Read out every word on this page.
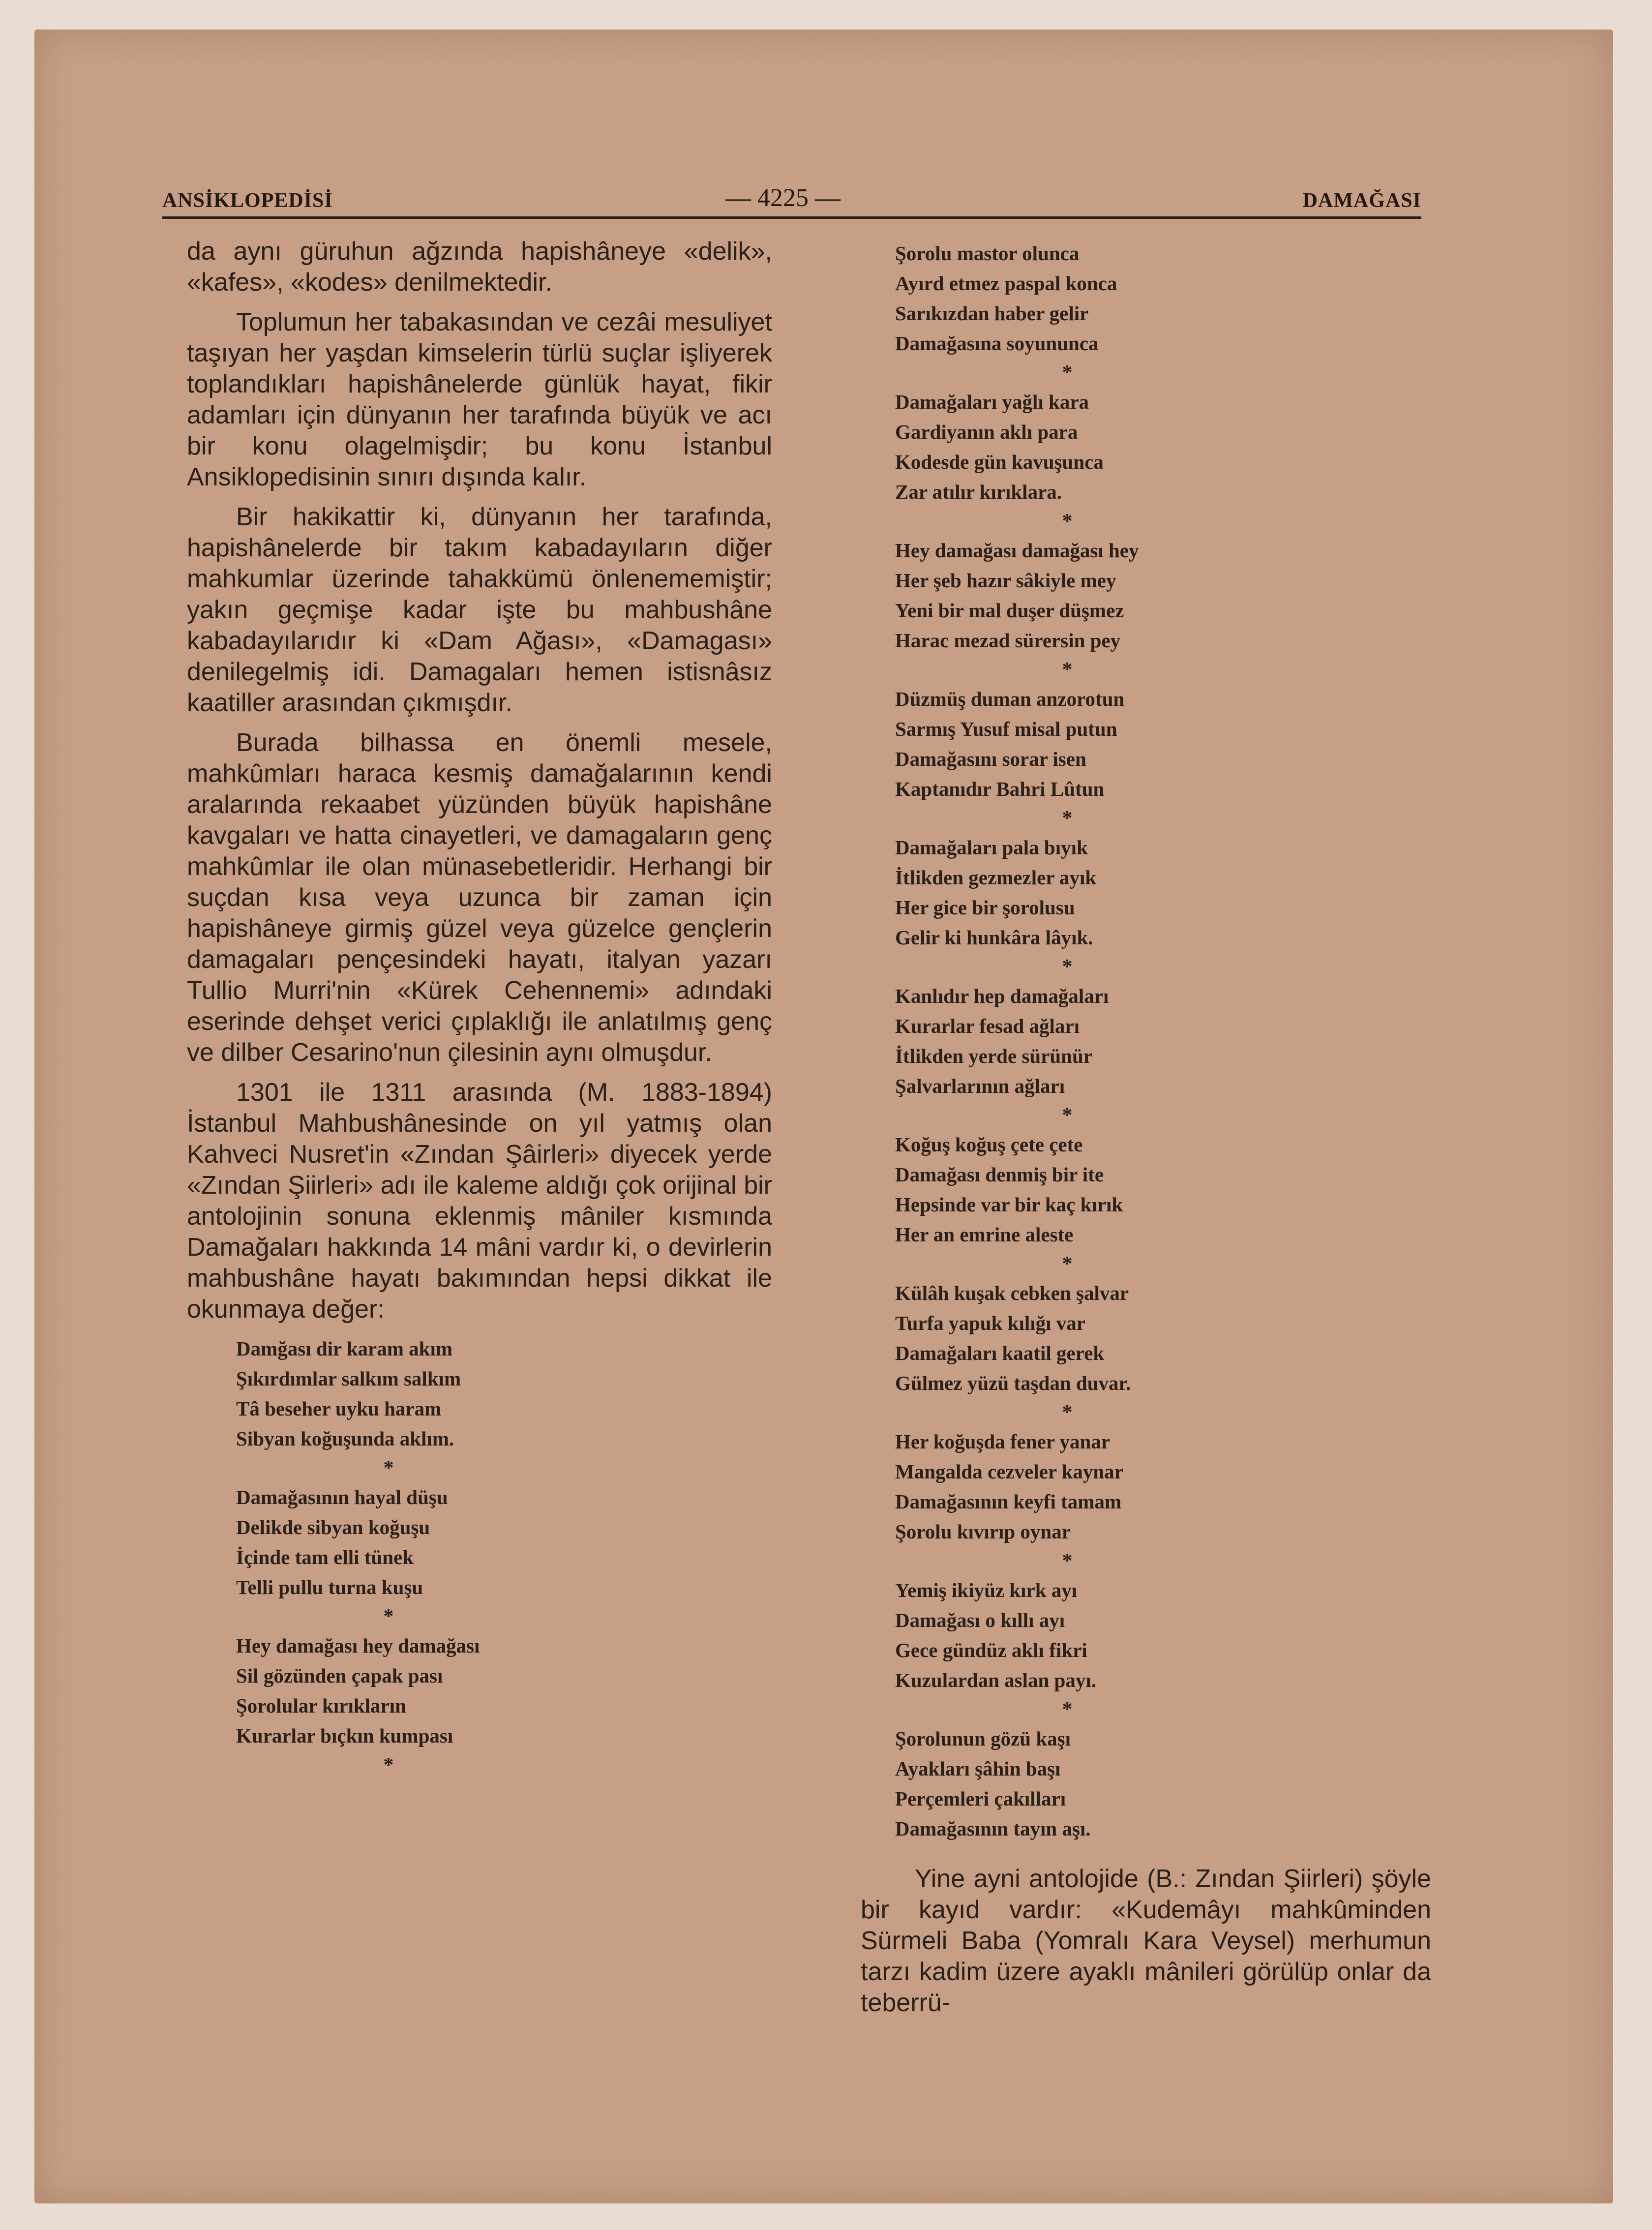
ANSİKLOPEDİSİ	— 4225 —	DAMAĞASI

da aynı güruhun ağzında hapishâneye «delik», «kafes», «kodes» denilmektedir.

Toplumun her tabakasından ve cezâi mesuliyet taşıyan her yaşdan kimselerin türlü suçlar işliyerek toplandıkları hapishânelerde günlük hayat, fikir adamları için dünyanın her tarafında büyük ve acı bir konu olagelmişdir; bu konu İstanbul Ansiklopedisinin sınırı dışında kalır.

Bir hakikattir ki, dünyanın her tarafında, hapishânelerde bir takım kabadayıların diğer mahkumlar üzerinde tahakkümü önlenememiştir; yakın geçmişe kadar işte bu mahbushâne kabadayılarıdır ki «Dam Ağası», «Damagası» denilegelmiş idi. Damagaları hemen istisnâsız kaatiller arasından çıkmışdır.

Burada bilhassa en önemli mesele, mahkûmları haraca kesmiş damağalarının kendi aralarında rekaabet yüzünden büyük hapishâne kavgaları ve hatta cinayetleri, ve damagaların genç mahkûmlar ile olan münasebetleridir. Herhangi bir suçdan kısa veya uzunca bir zaman için hapishâneye girmiş güzel veya güzelce gençlerin damagaları pençesindeki hayatı, italyan yazarı Tullio Murri'nin «Kürek Cehennemi» adındaki eserinde dehşet verici çıplaklığı ile anlatılmış genç ve dilber Cesarino'nun çilesinin aynı olmuşdur.

1301 ile 1311 arasında (M. 1883-1894) İstanbul Mahbushânesinde on yıl yatmış olan Kahveci Nusret'in «Zından Şâirleri» diyecek yerde «Zından Şiirleri» adı ile kaleme aldığı çok orijinal bir antolojinin sonuna eklenmiş mâniler kısmında Damağaları hakkında 14 mâni vardır ki, o devirlerin mahbushâne hayatı bakımından hepsi dikkat ile okunmaya değer:

Damğası dir karam akım
Şıkırdımlar salkım salkım
Tâ beseher uyku haram
Sibyan koğuşunda aklım.
*
Damağasının hayal düşu
Delikde sibyan koğuşu
İçinde tam elli tünek
Telli pullu turna kuşu
*
Hey damağası hey damağası
Sil gözünden çapak pası
Şorolular kırıkların
Kurarlar bıçkın kumpası
*
Şorolu mastor olunca
Ayırd etmez paspal konca
Sarıkızdan haber gelir
Damağasına soyununca
*
Damağaları yağlı kara
Gardiyanın aklı para
Kodesde gün kavuşunca
Zar atılır kırıklara.
*
Hey damağası damağası hey
Her şeb hazır sâkiyle mey
Yeni bir mal duşer düşmez
Harac mezad sürersin pey
*
Düzmüş duman anzorotun
Sarmış Yusuf misal putun
Damağasını sorar isen
Kaptanıdır Bahri Lûtun
*
Damağaları pala bıyık
İtlikden gezmezler ayık
Her gice bir şorolusu
Gelir ki hunkâra lâyık.
*
Kanlıdır hep damağaları
Kurarlar fesad ağları
İtlikden yerde sürünür
Şalvarlarının ağları
*
Koğuş koğuş çete çete
Damağası denmiş bir ite
Hepsinde var bir kaç kırık
Her an emrine aleste
*
Külâh kuşak cebken şalvar
Turfa yapuk kılığı var
Damağaları kaatil gerek
Gülmez yüzü taşdan duvar.
*
Her koğuşda fener yanar
Mangalda cezveler kaynar
Damağasının keyfi tamam
Şorolu kıvırıp oynar
*
Yemiş ikiyüz kırk ayı
Damağası o kıllı ayı
Gece gündüz aklı fikri
Kuzulardan aslan payı.
*
Şorolunun gözü kaşı
Ayakları şâhin başı
Perçemleri çakılları
Damağasının tayın aşı.

Yine ayni antolojide (B.: Zından Şiirleri) şöyle bir kayıd vardır: «Kudemâyı mahkûminden Sürmeli Baba (Yomralı Kara Veysel) merhumun tarzı kadim üzere ayaklı mânileri görülüp onlar da teberrü-
